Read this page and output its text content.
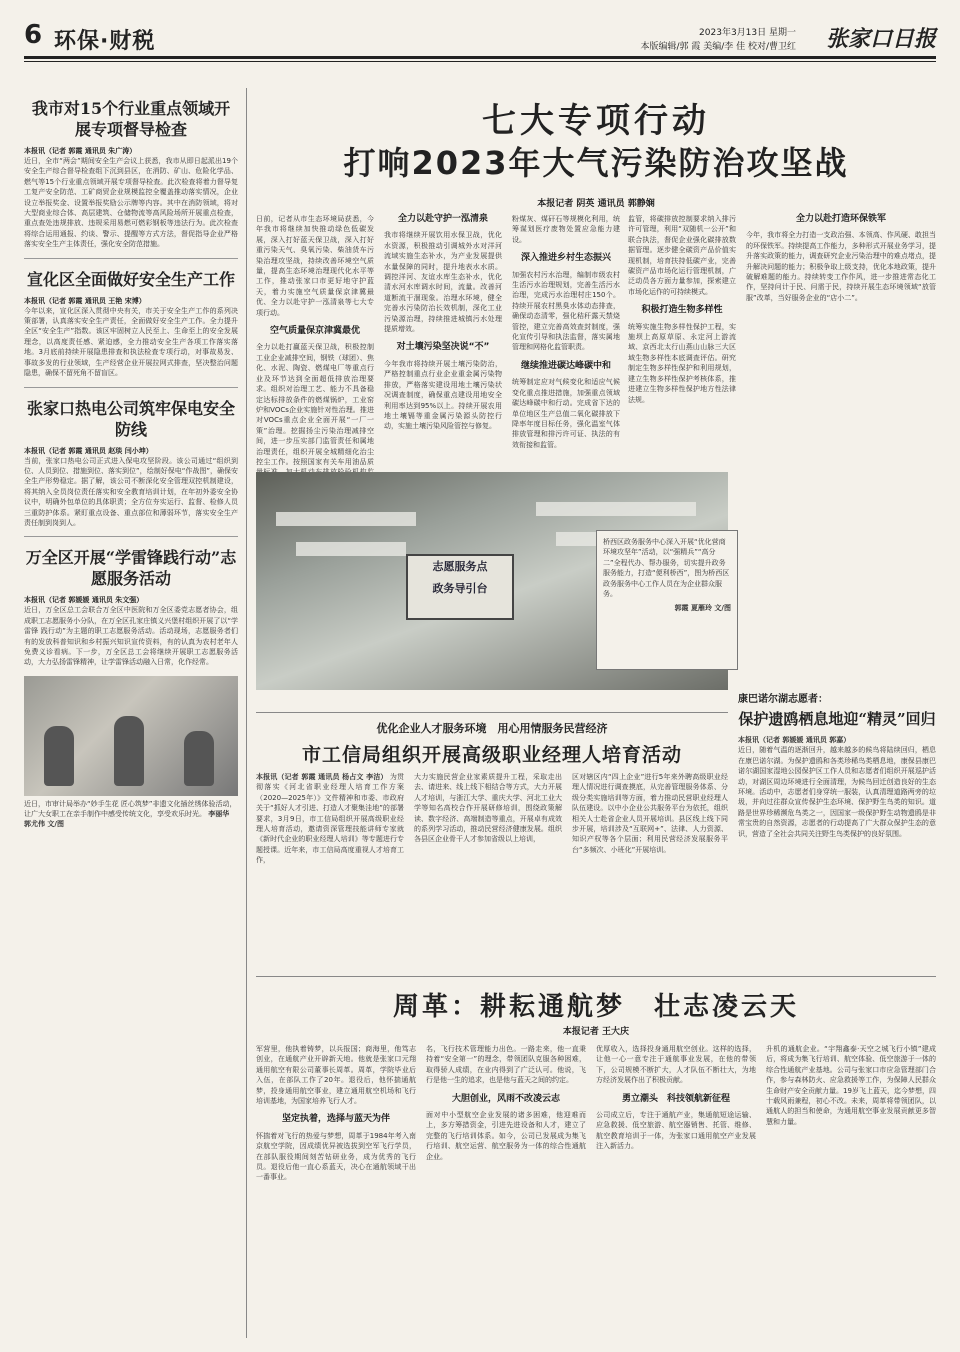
6 环保·财税	2023年3月13日 星期一
本版编辑/郭 霞 美编/李 佳 校对/曹卫红 张家口日报
我市对15个行业重点领域开展专项督导检查
本报讯（记者 郭霞 通讯员 朱广涛）
近日，全市“两会”期间安全生产会议上获悉，我市从即日起派出19个安全生产综合督导检查组下沉到县区，在消防、矿山、危险化学品、燃气等15个行业重点领域开展专项督导检查。此次检查将着力督导复工复产安全防范、工矿商贸企业规模监控全覆盖推动落实情况，企业设立举报奖金、设置举报奖励公示牌等内容。其中在消防领域，将对大型商业综合体、高层建筑、仓储物流等高风险场所开展重点检查，重点查处违规排放、违规采用易燃可燃彩钢板等违法行为。此次检查将综合运用通报、约谈、警示、提醒等方式方法，督促指导企业严格落实安全生产主体责任，强化安全防范措施。
宣化区全面做好安全生产工作
本报讯（记者 郭霞 通讯员 王艳 宋博）
今年以来，宣化区深入贯彻中央有关，市关于安全生产工作的系列决策部署，认真落实安全生产责任，全面做好安全生产工作。全力提升全区“安全生产”指数。该区牢固树立人民至上、生命至上的安全发展理念，以高度责任感、紧迫感，全力推动安全生产各项工作落实落地。3月底前持续开展隐患排查和执法检查专项行动，对事故易发、事故多发的行业领域，生产经营企业开展拉网式排查，坚决整治问题隐患，确保不留死角不留盲区。
张家口热电公司筑牢保电安全防线
本报讯（记者 郭霞 通讯员 赵琰 闫小坤）
当前，张家口热电公司正式进入保电攻坚阶段。该公司通过“组织到位、人员到位、措施到位、落实到位”，绘制好保电“作战图”，确保安全生产形势稳定。据了解，该公司不断深化安全管理双控机制建设，将其纳入全员岗位责任落实和安全教育培训计划，在年初外委安全协议中，明确外包单位的具体职责；全方位夯实运行、监督、检修人员三重防护体系。紧盯重点设备、重点部位和薄弱环节，落实安全生产责任制到岗到人。
万全区开展“学雷锋践行动”志愿服务活动
本报讯（记者 郭媛媛 通讯员 朱文强）
近日，万全区总工会联合万全区中医院和万全区委党志愿者协会，组成职工志愿服务小分队，在万全区孔家庄镇义兴堡村组织开展了以“学雷锋 践行动”为主题的职工志愿服务活动。活动现场，志愿服务者们有的发放科普知识和乡村振兴知识宣传资料，有的认真为农村老年人免费义诊看病。下一步，万全区总工会将继续开展职工志愿服务活动，大力弘扬雷锋精神，让学雷锋活动融入日常，化作经常。
近日，市审计局举办“妙手生花 匠心筑梦”非遗文化插丝绣体验活动，让广大女职工在亲手制作中感受传统文化，享受欢乐时光。 李丽华 郭尤伟 文/图
七大专项行动
打响2023年大气污染防治攻坚战
本报记者 阴英 通讯员 郭静娴
日前，记者从市生态环境局获悉，今年我市将继续加快推动绿色低碳发展，深入打好蓝天保卫战，深入打好重污染天气、臭氧污染、柴油货车污染治理攻坚战，持续改善环境空气质量，提高生态环境治理现代化水平等工作，推动张家口市更好地守护蓝天，着力实施空气质量保京津冀最优、全力以赴守护一泓清泉等七大专项行动。
空气质量保京津冀最优
全力以赴打赢蓝天保卫战，积极控制工业企业减排空间，钢铁（球团）、焦化、水泥、陶瓷、燃煤电厂等重点行业及环节达到全面超低排放治理要求。组织对治理工艺、能力不具备稳定达标排放条件的燃煤锅炉，工业窑炉和VOCs企业实施针对性治理。推进对VOCs重点企业全面开展“一厂一策”治理。挖掘扬尘污染治理减排空间，进一步压实部门监管责任和属地治理责任，组织开展全城精细化治尘控尘工作。按照国家有关车用油品质
全力以赴守护一泓清泉
我市将继续开展饮用水保卫战，优化水资源，积极推动引调城外水对洋河流域实施生态补水，为产业发展提供水量保障的同时，提升地表水水质。调控洋河、友谊水库生态补水，优化清水河水库调水时间，流量。改善河道断流干涸现象。治理水环境，健全完善水污染防治长效机制，深化工业污染源治理，持续推进城镇污水处理提质增效。
对土壤污染坚决说“不”
今年我市将持续开展土壤污染防治，严格控制重点行业企业重金属污染物排放，严格落实建设用地土壤污染状况调查制度，确保重点建设用地安全利用率达到95%以上。持续开展农用地土壤镉等重金属污染源头防控行动，实施土壤污染风险管控与修复。
粉煤灰、煤矸石等规模化利用，统筹谋划医疗废物处置应急能力建设。
深入推进乡村生态振兴
加强农村污水治理，编制市级农村生活污水治理规划，完善生活污水治理，完成污水治理村庄150个。持续开展农村黑臭水体动态排查，确保动态清零，强化秸秆露天禁烧管控，建立完善高效查封制度，强化宣传引导和执法监督，落实属地管理和网格化监管职责。
继续推进碳达峰碳中和
统筹制定应对气候变化和适应气候变化重点推进措施，加强重点领域碳达峰碳中和行动。完成省下达的单位地区生产总值二氧化碳排放下降率年度目标任务，强化温室气体排放管理和排污许可证、执法的有效衔接和监管。
监管，将碳排放控制要求纳入排污许可管理，利用“双随机一公开”和联合执法，督促企业强化碳排放数据管理。逐步健全碳资产品价值实现机制，培育扶持低碳产业，完善碳资产品市场化运行管理机制，广泛动员各方面力量参加，探索建立市场化运作的可持续模式。
积极打造生物多样性
统筹实施生物多样性保护工程，实施坝上高原草原、永定河上游流域、京西北太行山燕山山脉三大区域生物多样性本底调查评估。研究制定生物多样性保护和利用规划，建立生物多样性保护考核体系，推进建立生物多样性保护地方性法律法规。
全力以赴打造环保铁军
今年，我市将全力打造一支政治强、本领高、作风硬、敢担当的环保铁军。持续提高工作能力，多种形式开展业务学习，提升落实政策的能力，调查研究企业污染治理中的难点堵点，提升解决问题的能力；积极争取上级支持，优化本地政策，提升破解难题的能力。持续转变工作作风，进一步推进常态化工作，坚持问计于民、问需于民，持续开展生态环境领域“放管服”改革，当好服务企业的“店小二”。
志愿服务点
政务导引台
桥西区政务服务中心深入开展“优化营商环境攻坚年”活动，以“强精兵”“高分二”全程代办、帮办服务，切实提升政务服务能力，打造“便利桥西”，图为桥西区政务服务中心工作人员在为企业群众服务。
郭霞 夏雁玲 文/图
康巴诺尔湖志愿者：
保护遗鸥栖息地迎“精灵”回归
本报讯（记者 郭媛媛 通讯员 郭嘉）
近日，随着气温的逐渐回升，越来越多的候鸟将陆续回归，栖息在康巴诺尔湖。为保护遗鸥和各类珍稀鸟类栖息地，康保县康巴诺尔湖国家湿地公园保护区工作人员和志愿者们组织开展巡护活动，对湖区周边环境进行全面清理，为候鸟回迁创造良好的生态环境。活动中，志愿者们身穿统一服装，认真清理道路两旁的垃圾，并向过往群众宣传保护生态环境、保护野生鸟类的知识。道路是世界珍稀濒危鸟类之一，因国家一级保护野生动物遗鸥是非常宝贵的自然资源，志愿者的行动提高了广大群众保护生态的意识，营造了全社会共同关注野生鸟类保护的良好氛围。
优化企业人才服务环境　用心用情服务民营经济
市工信局组织开展高级职业经理人培育活动
本报讯（记者 郭霞 通讯员 杨占文 李洁） 为贯彻落实《河北省职业经理人培育工作方案（2020—2025年）》文件精神和市委、市政府关于“抓好人才引进、打造人才聚集洼地”的部署要求，3月9日，市工信局组织开展高级职业经理人培育活动，邀请资深管理技能讲师专家就《新时代企业的职业经理人培训》等专题进行专题授课。近年来，市工信局高度重视人才培育工作，
大力实施民营企业家素质提升工程，采取走出去、请进来、线上线下相结合等方式，大力开展人才培训，与浙江大学、重庆大学、河北工业大学等知名高校合作开展研修培训，围绕政策解读、数字经济、高端制造等重点，开展卓有成效的系列学习活动，推动民营经济健康发展。组织各县区企业骨干人才参加省级以上培训，
区对辖区内“四上企业”进行5年来外聘高级职业经理人情况进行调查摸底，从完善管理服务体系、分级分类实施培训等方面，着力推动民营职业经理人队伍建设。以中小企业公共服务平台为依托，组织相关人士赴省企业人员开展培训。县区线上线下同步开展，培训涉及“互联网+”、法律、人力资源、知识产权等各个层面；利用民营经济发展服务平台“多频次、小班化”开展培训。
周革：耕耘通航梦　壮志凌云天
本报记者 王大庆
军营里，他执着铸梦，以兵报国；商海里，他笃志创业，在通航产业开辟新天地。他就是张家口元翔通用航空有限公司董事长周革。周革，学院毕业后入伍，在部队工作了20年。退役后，他怀揣通航梦，投身通用航空事业，建立通用航空机场和飞行培训基地，为国家培养飞行人才。
坚定执着，选择与蓝天为伴
怀揣着对飞行的热爱与梦想，周革于1984年考入南京航空学院，因成绩优异被选拔到空军飞行学员，在部队服役期间刻苦钻研业务，成为优秀的飞行员。退役后他一直心系蓝天，决心在通航领域干出一番事业。
名，飞行技术管理能力出色。一路走来，他一直秉持着“安全第一”的理念，带领团队克服各种困难，取得骄人成绩，在业内得到了广泛认可。他说，飞行是他一生的追求，也是他与蓝天之间的约定。
大胆创业，风雨不改凌云志
面对中小型航空企业发展的诸多困难，他迎难而上，多方筹措资金，引进先进设备和人才，建立了完整的飞行培训体系。如今，公司已发展成为集飞行培训、航空运营、航空服务为一体的综合性通航企业。
优厚收入，选择投身通用航空创业。这样的选择，让他一心一意专注于通航事业发展，在他的带领下，公司规模不断扩大，人才队伍不断壮大，为地方经济发展作出了积极贡献。
勇立潮头　科技领航新征程
公司成立后，专注于通航产业，集通航短途运输、应急救援、低空旅游、航空器销售、托管、维修、航空教育培训于一体，为张家口通用航空产业发展注入新活力。
升机的通航企业。“宇翔鑫泰·天空之城飞行小镇”建成后，将成为集飞行培训、航空体验、低空旅游于一体的综合性通航产业基地。公司与张家口市应急管理部门合作，参与森林防火、应急救援等工作，为保障人民群众生命财产安全贡献力量。19岁飞上蓝天，迄今梦想，四十载风雨兼程，初心不改。未来，周革将带领团队，以通航人的担当和使命，为通用航空事业发展贡献更多智慧和力量。
